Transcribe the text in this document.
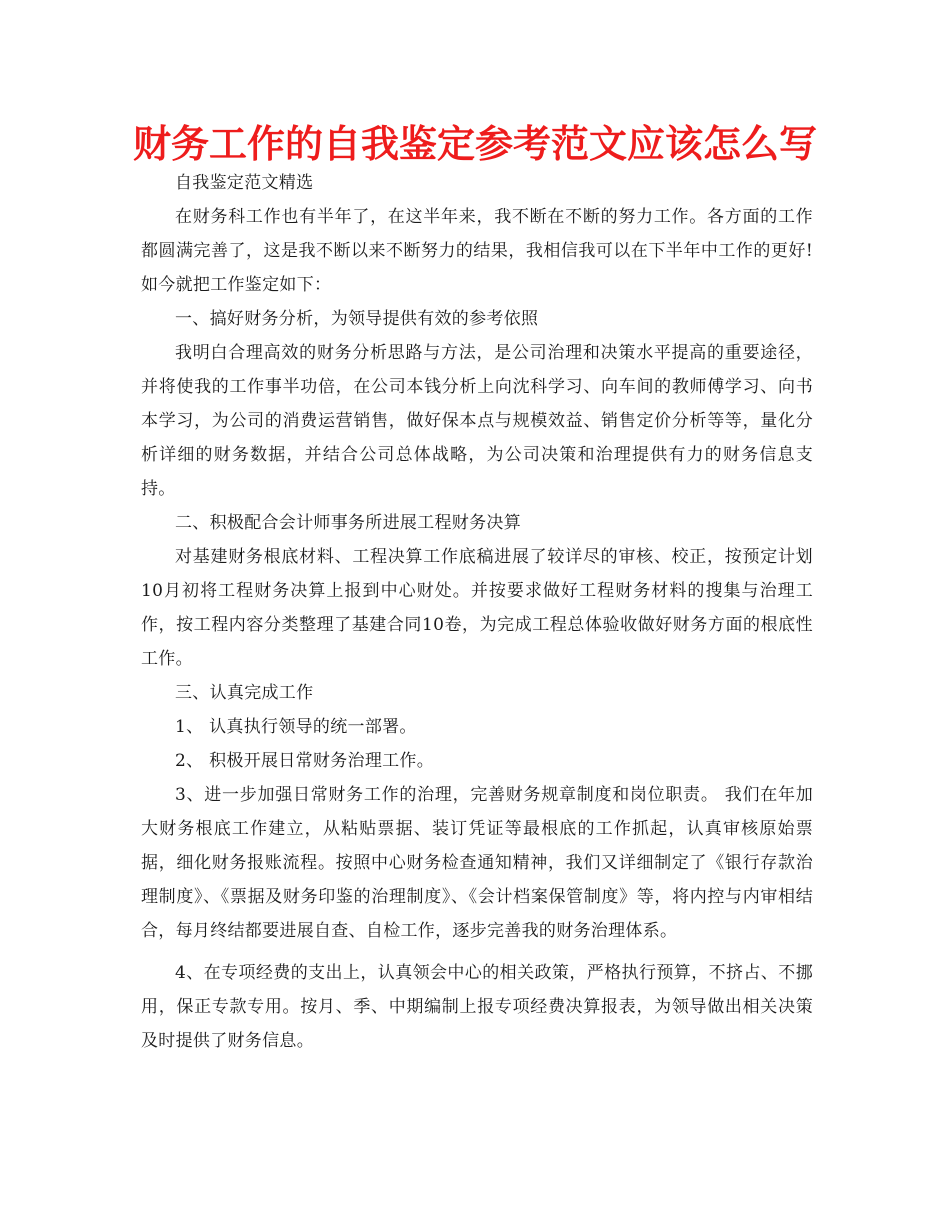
财务工作的自我鉴定参考范文应该怎么写

自我鉴定范文精选

在财务科工作也有半年了，在这半年来，我不断在不断的努力工作。各方面的工作都圆满完善了，这是我不断以来不断努力的结果，我相信我可以在下半年中工作的更好!如今就把工作鉴定如下：

一、搞好财务分析，为领导提供有效的参考依照

我明白合理高效的财务分析思路与方法，是公司治理和决策水平提高的重要途径，并将使我的工作事半功倍，在公司本钱分析上向沈科学习、向车间的教师傅学习、向书本学习，为公司的消费运营销售，做好保本点与规模效益、销售定价分析等等，量化分析详细的财务数据，并结合公司总体战略，为公司决策和治理提供有力的财务信息支持。

二、积极配合会计师事务所进展工程财务决算

对基建财务根底材料、工程决算工作底稿进展了较详尽的审核、校正，按预定计划10月初将工程财务决算上报到中心财处。并按要求做好工程财务材料的搜集与治理工作，按工程内容分类整理了基建合同10卷，为完成工程总体验收做好财务方面的根底性工作。

三、认真完成工作

1、 认真执行领导的统一部署。

2、 积极开展日常财务治理工作。

3、进一步加强日常财务工作的治理，完善财务规章制度和岗位职责。 我们在年加大财务根底工作建立，从粘贴票据、装订凭证等最根底的工作抓起，认真审核原始票据，细化财务报账流程。按照中心财务检查通知精神，我们又详细制定了《银行存款治理制度》、《票据及财务印鉴的治理制度》、《会计档案保管制度》等，将内控与内审相结合，每月终结都要进展自查、自检工作，逐步完善我的财务治理体系。

4、在专项经费的支出上，认真领会中心的相关政策，严格执行预算，不挤占、不挪用，保正专款专用。按月、季、中期编制上报专项经费决算报表，为领导做出相关决策及时提供了财务信息。
